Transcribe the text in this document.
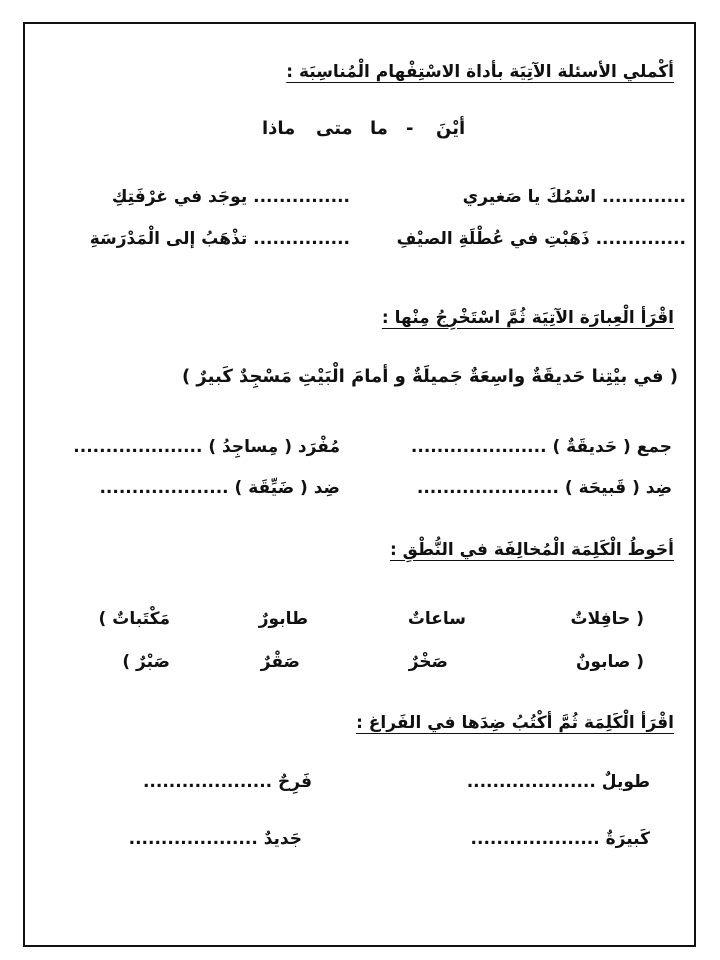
أكْملي الأسئلة الآتِيَة بأداة الاسْتِفْهام الْمُناسِبَة :
ماذا متى ما - أيْنَ
............. اسْمُكَ يا صَغيري
............... يوجَد في غرْفَتِكِ
.............. ذَهَبْتِ في عُطْلَةِ الصيْفِ
............... تذْهَبُ إلى الْمَدْرَسَةِ
اقْرَأ الْعِبارَة الآتِيَة ثُمَّ اسْتَخْرِجُ مِنْها :
( في بيْتِنا حَديقَةٌ واسِعَةٌ جَميلَةٌ و أمامَ الْبَيْتِ مَسْجِدٌ كَبيرٌ )
جمع ( حَديقَةٌ ) .....................
مُفْرَد ( مِساجِدُ ) ....................
ضِد ( قَبيحَة ) ......................
ضِد ( ضَيِّقَة ) ....................
أحَوطُ الْكَلِمَة الْمُخالِفَة في النُّطْقِ :
( حافِلاتٌ
ساعاتٌ
طابورٌ
مَكْتَباتٌ )
( صابونٌ
صَخْرٌ
صَقْرٌ
صَبْرٌ )
اقْرَأ الْكَلِمَة ثُمَّ أكْتُبُ ضِدَها في الفَراغ :
طويلٌ ....................
فَرِحٌ ....................
كَبيرَةٌ ....................
جَديدٌ ....................
